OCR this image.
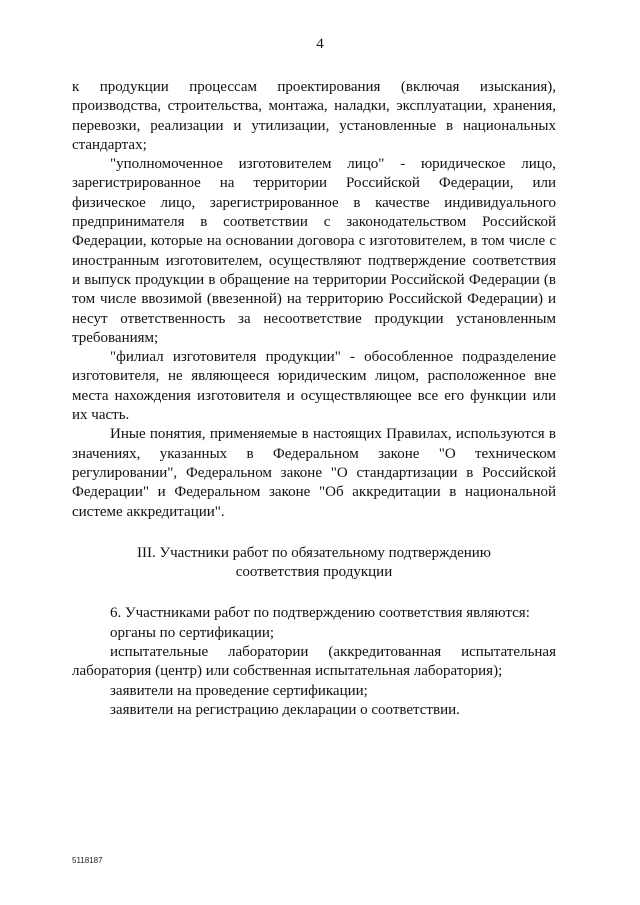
4

к продукции процессам проектирования (включая изыскания), производства, строительства, монтажа, наладки, эксплуатации, хранения, перевозки, реализации и утилизации, установленные в национальных стандартах;

"уполномоченное изготовителем лицо" - юридическое лицо, зарегистрированное на территории Российской Федерации, или физическое лицо, зарегистрированное в качестве индивидуального предпринимателя в соответствии с законодательством Российской Федерации, которые на основании договора с изготовителем, в том числе с иностранным изготовителем, осуществляют подтверждение соответствия и выпуск продукции в обращение на территории Российской Федерации (в том числе ввозимой (ввезенной) на территорию Российской Федерации) и несут ответственность за несоответствие продукции установленным требованиям;

"филиал изготовителя продукции" - обособленное подразделение изготовителя, не являющееся юридическим лицом, расположенное вне места нахождения изготовителя и осуществляющее все его функции или их часть.

Иные понятия, применяемые в настоящих Правилах, используются в значениях, указанных в Федеральном законе "О техническом регулировании", Федеральном законе "О стандартизации в Российской Федерации" и Федеральном законе "Об аккредитации в национальной системе аккредитации".

III. Участники работ по обязательному подтверждению
соответствия продукции

6. Участниками работ по подтверждению соответствия являются:

органы по сертификации;

испытательные лаборатории (аккредитованная испытательная лаборатория (центр) или собственная испытательная лаборатория);

заявители на проведение сертификации;

заявители на регистрацию декларации о соответствии.

5118187
